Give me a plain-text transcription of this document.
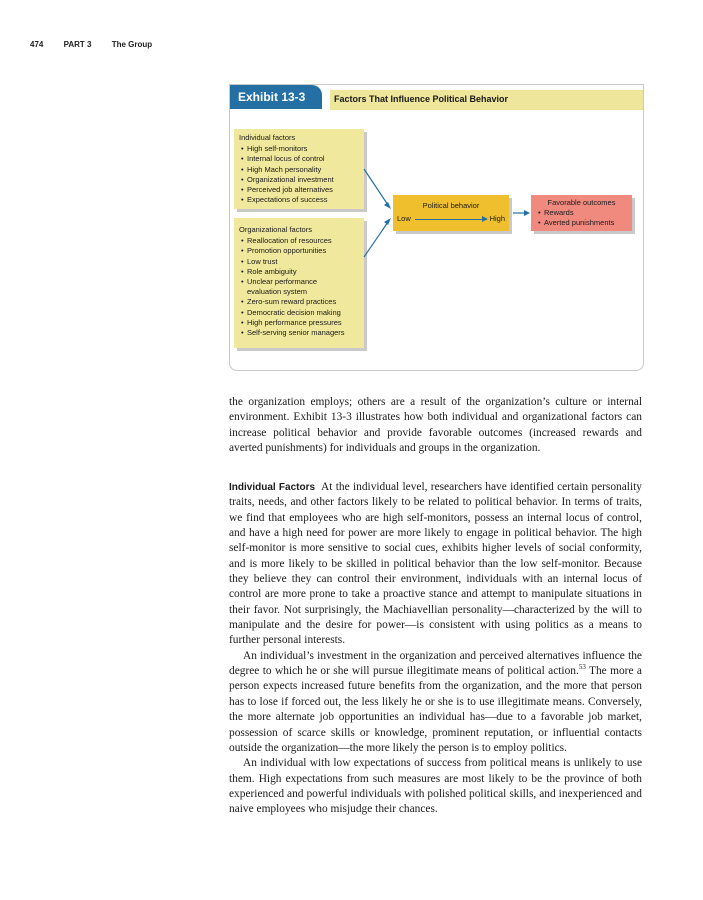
474	PART 3	The Group
Exhibit 13-3	Factors That Influence Political Behavior
Individual factors
• High self-monitors
• Internal locus of control
• High Mach personality
• Organizational investment
• Perceived job alternatives
• Expectations of success
Organizational factors
• Reallocation of resources
• Promotion opportunities
• Low trust
• Role ambiguity
• Unclear performance evaluation system
• Zero-sum reward practices
• Democratic decision making
• High performance pressures
• Self-serving senior managers
Political behavior
Low	High
Favorable outcomes
• Rewards
• Averted punishments

the organization employs; others are a result of the organization’s culture or internal environment. Exhibit 13-3 illustrates how both individual and organizational factors can increase political behavior and provide favorable outcomes (increased rewards and averted punishments) for individuals and groups in the organization.

Individual Factors At the individual level, researchers have identified certain personality traits, needs, and other factors likely to be related to political behavior. In terms of traits, we find that employees who are high self-monitors, possess an internal locus of control, and have a high need for power are more likely to engage in political behavior. The high self-monitor is more sensitive to social cues, exhibits higher levels of social conformity, and is more likely to be skilled in political behavior than the low self-monitor. Because they believe they can control their environment, individuals with an internal locus of control are more prone to take a proactive stance and attempt to manipulate situations in their favor. Not surprisingly, the Machiavellian personality—characterized by the will to manipulate and the desire for power—is consistent with using politics as a means to further personal interests.

An individual’s investment in the organization and perceived alternatives influence the degree to which he or she will pursue illegitimate means of political action.$^{53}$ The more a person expects increased future benefits from the organization, and the more that person has to lose if forced out, the less likely he or she is to use illegitimate means. Conversely, the more alternate job opportunities an individual has—due to a favorable job market, possession of scarce skills or knowledge, prominent reputation, or influential contacts outside the organization—the more likely the person is to employ politics.

An individual with low expectations of success from political means is unlikely to use them. High expectations from such measures are most likely to be the province of both experienced and powerful individuals with polished political skills, and inexperienced and naive employees who misjudge their chances.
